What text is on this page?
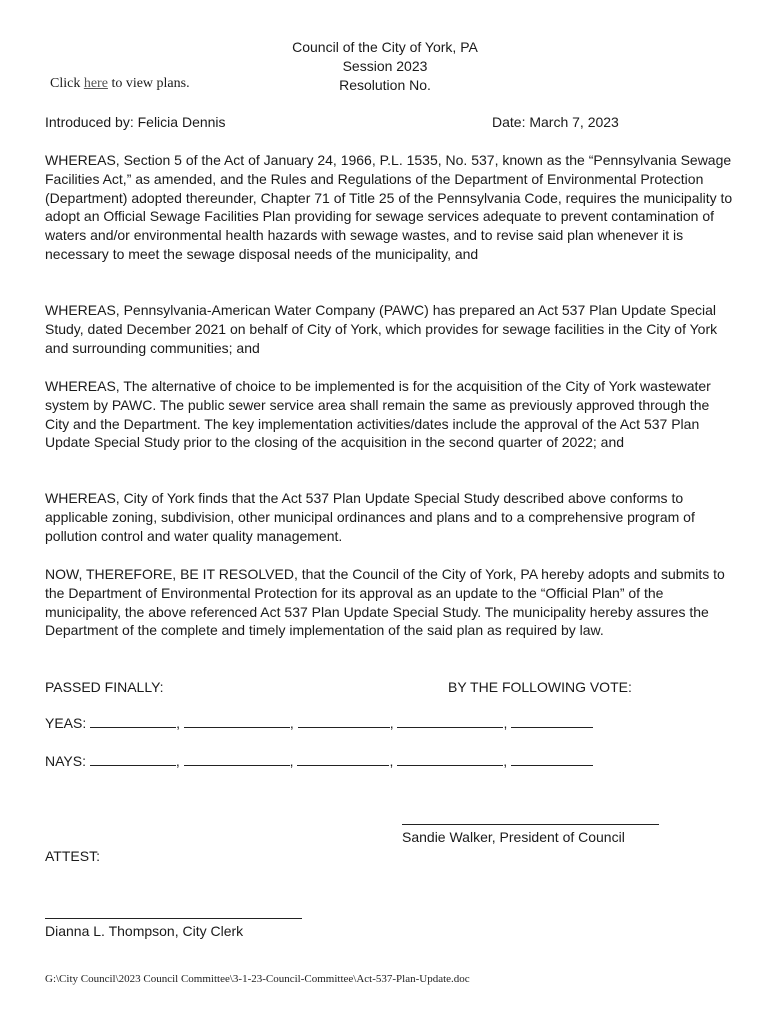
Council of the City of York, PA
Session 2023
Resolution No.
Click here to view plans.
Introduced by: Felicia Dennis	Date: March 7, 2023
WHEREAS, Section 5 of the Act of January 24, 1966, P.L. 1535, No. 537, known as the “Pennsylvania Sewage Facilities Act,” as amended, and the Rules and Regulations of the Department of Environmental Protection (Department) adopted thereunder, Chapter 71 of Title 25 of the Pennsylvania Code, requires the municipality to adopt an Official Sewage Facilities Plan providing for sewage services adequate to prevent contamination of waters and/or environmental health hazards with sewage wastes, and to revise said plan whenever it is necessary to meet the sewage disposal needs of the municipality, and
WHEREAS, Pennsylvania-American Water Company (PAWC) has prepared an Act 537 Plan Update Special Study, dated December 2021 on behalf of City of York, which provides for sewage facilities in the City of York and surrounding communities; and
WHEREAS, The alternative of choice to be implemented is for the acquisition of the City of York wastewater system by PAWC. The public sewer service area shall remain the same as previously approved through the City and the Department. The key implementation activities/dates include the approval of the Act 537 Plan Update Special Study prior to the closing of the acquisition in the second quarter of 2022; and
WHEREAS, City of York finds that the Act 537 Plan Update Special Study described above conforms to applicable zoning, subdivision, other municipal ordinances and plans and to a comprehensive program of pollution control and water quality management.
NOW, THEREFORE, BE IT RESOLVED, that the Council of the City of York, PA hereby adopts and submits to the Department of Environmental Protection for its approval as an update to the “Official Plan” of the municipality, the above referenced Act 537 Plan Update Special Study. The municipality hereby assures the Department of the complete and timely implementation of the said plan as required by law.
PASSED FINALLY:	BY THE FOLLOWING VOTE:
YEAS:	,	,	,	,
NAYS:	,	,	,	,
Sandie Walker, President of Council
ATTEST:
Dianna L. Thompson, City Clerk
G:\City Council\2023 Council Committee\3-1-23-Council-Committee\Act-537-Plan-Update.doc
